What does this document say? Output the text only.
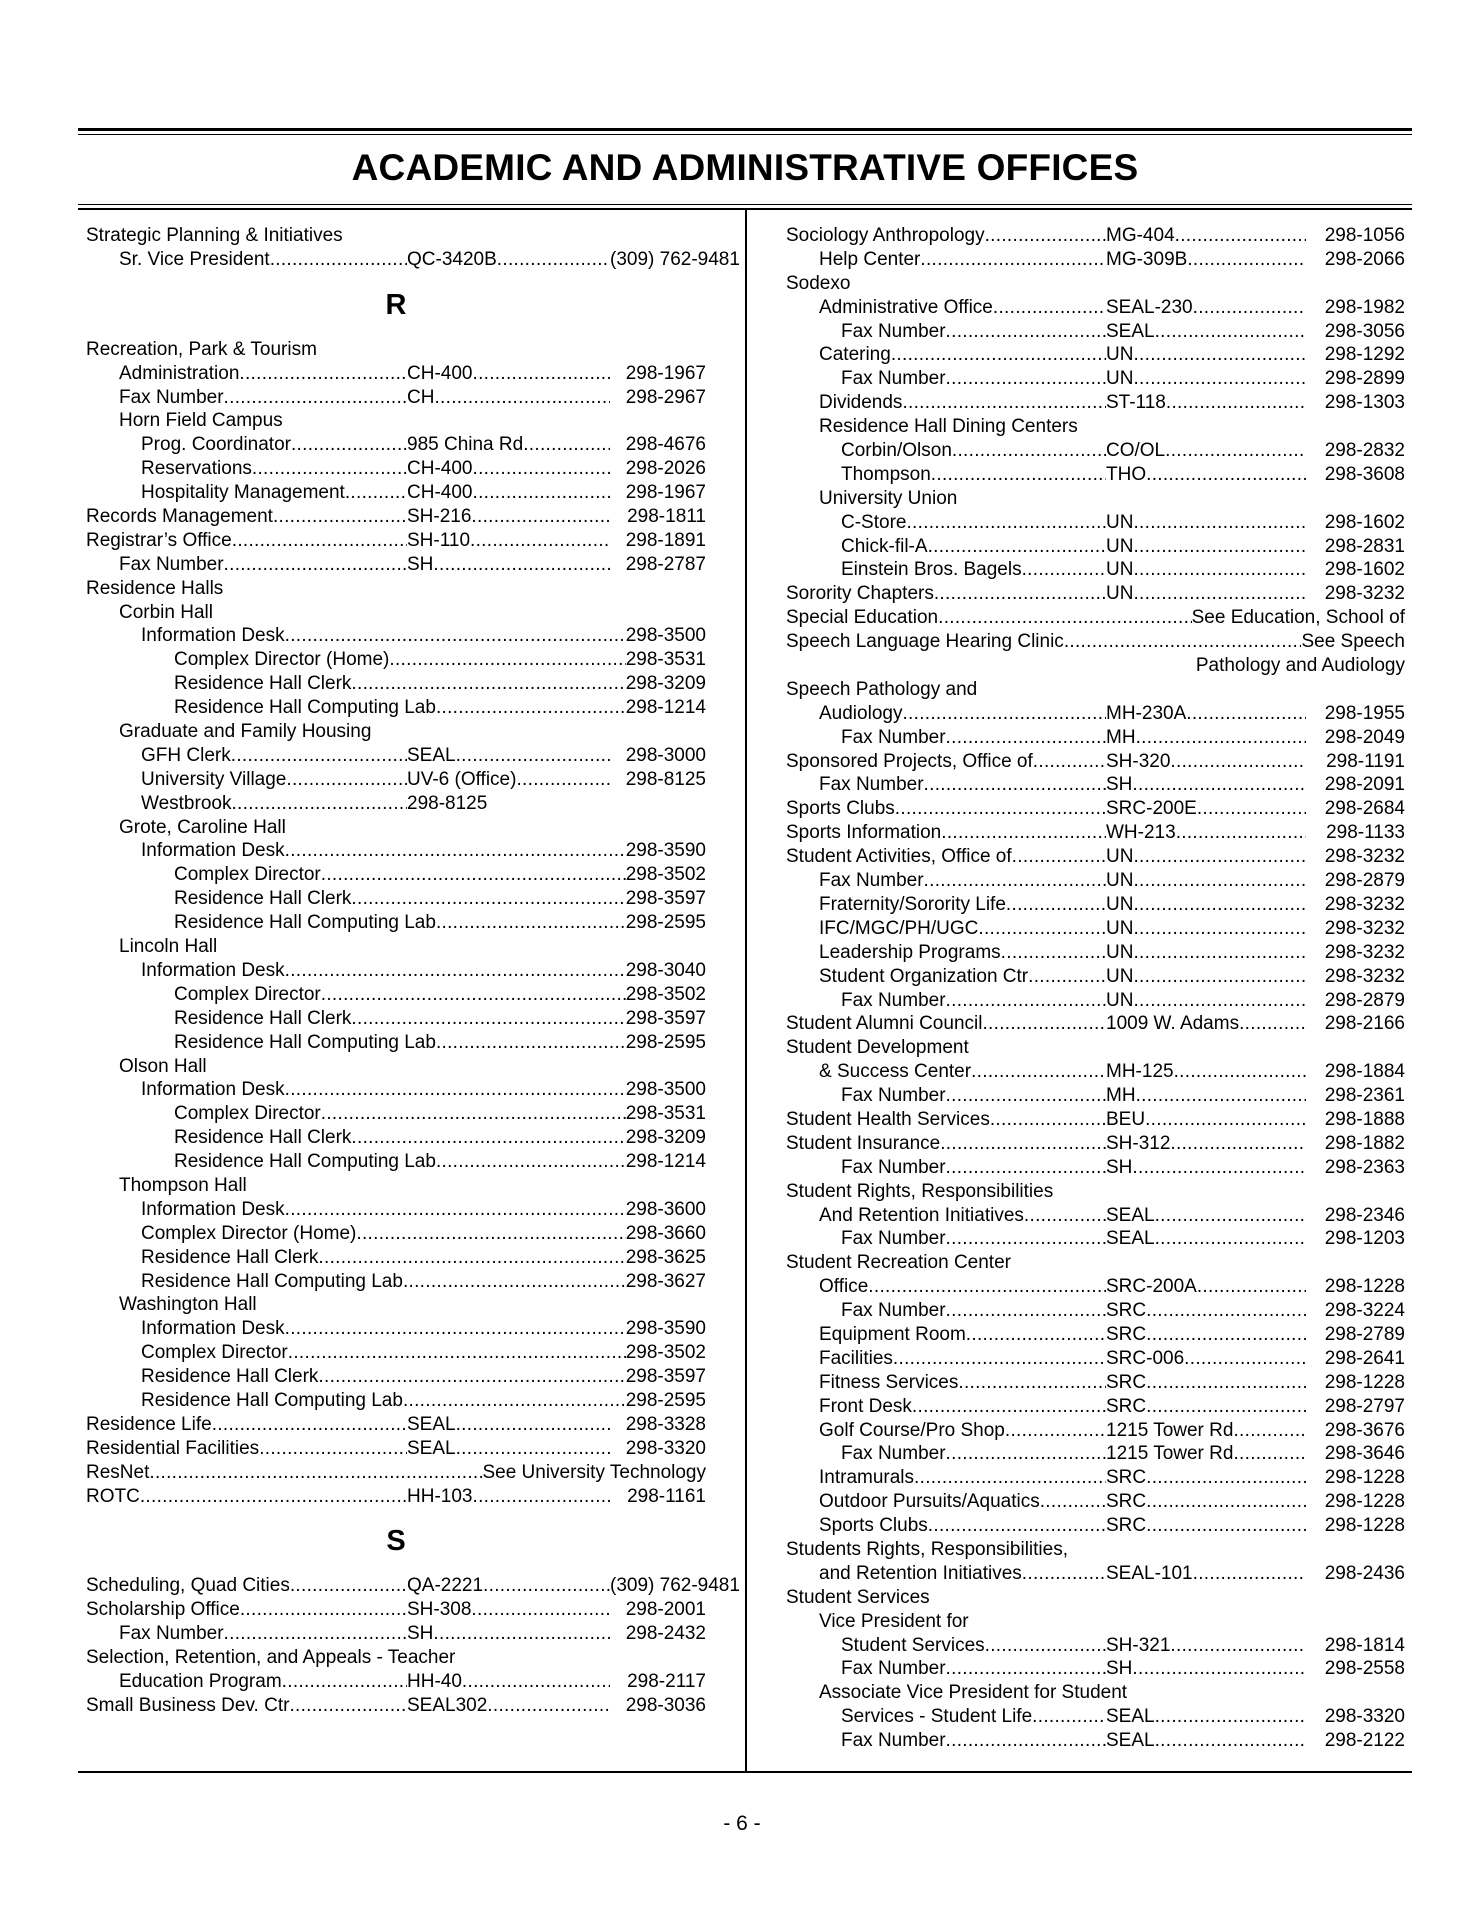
ACADEMIC AND ADMINISTRATIVE OFFICES
Strategic Planning & Initiatives
Sr. Vice President .....	QC-3420B .....	(309) 762-9481
R
Recreation, Park & Tourism
Administration .....	CH-400 .....	298-1967
Fax Number .....	CH .....	298-2967
Horn Field Campus
Prog. Coordinator .....	985 China Rd .....	298-4676
Reservations .....	CH-400 .....	298-2026
Hospitality Management .....	CH-400 .....	298-1967
Records Management .....	SH-216 .....	298-1811
Registrar’s Office .....	SH-110 .....	298-1891
Fax Number .....	SH .....	298-2787
Residence Halls
Corbin Hall
Information Desk .....	298-3500
Complex Director (Home) .....	298-3531
Residence Hall Clerk .....	298-3209
Residence Hall Computing Lab .....	298-1214
Graduate and Family Housing
GFH Clerk .....	SEAL .....	298-3000
University Village .....	UV-6 (Office) .....	298-8125
Westbrook .....	298-8125
Grote, Caroline Hall
Information Desk .....	298-3590
Complex Director .....	298-3502
Residence Hall Clerk .....	298-3597
Residence Hall Computing Lab .....	298-2595
Lincoln Hall
Information Desk .....	298-3040
Complex Director .....	298-3502
Residence Hall Clerk .....	298-3597
Residence Hall Computing Lab .....	298-2595
Olson Hall
Information Desk .....	298-3500
Complex Director .....	298-3531
Residence Hall Clerk .....	298-3209
Residence Hall Computing Lab .....	298-1214
Thompson Hall
Information Desk .....	298-3600
Complex Director (Home) .....	298-3660
Residence Hall Clerk .....	298-3625
Residence Hall Computing Lab .....	298-3627
Washington Hall
Information Desk .....	298-3590
Complex Director .....	298-3502
Residence Hall Clerk .....	298-3597
Residence Hall Computing Lab .....	298-2595
Residence Life .....	SEAL .....	298-3328
Residential Facilities .....	SEAL .....	298-3320
ResNet .....	See University Technology
ROTC .....	HH-103 .....	298-1161
S
Scheduling, Quad Cities .....	QA-2221 .....	(309) 762-9481
Scholarship Office .....	SH-308 .....	298-2001
Fax Number .....	SH .....	298-2432
Selection, Retention, and Appeals - Teacher
Education Program .....	HH-40 .....	298-2117
Small Business Dev. Ctr .....	SEAL302 .....	298-3036
Sociology Anthropology .....	MG-404 .....	298-1056
Help Center .....	MG-309B .....	298-2066
Sodexo
Administrative Office .....	SEAL-230 .....	298-1982
Fax Number .....	SEAL .....	298-3056
Catering .....	UN .....	298-1292
Fax Number .....	UN .....	298-2899
Dividends .....	ST-118 .....	298-1303
Residence Hall Dining Centers
Corbin/Olson .....	CO/OL .....	298-2832
Thompson .....	THO .....	298-3608
University Union
C-Store .....	UN .....	298-1602
Chick-fil-A .....	UN .....	298-2831
Einstein Bros. Bagels .....	UN .....	298-1602
Sorority Chapters .....	UN .....	298-3232
Special Education .....	See Education, School of
Speech Language Hearing Clinic .....	See Speech
Pathology and Audiology
Speech Pathology and
Audiology .....	MH-230A .....	298-1955
Fax Number .....	MH .....	298-2049
Sponsored Projects, Office of .....	SH-320 .....	298-1191
Fax Number .....	SH .....	298-2091
Sports Clubs .....	SRC-200E .....	298-2684
Sports Information .....	WH-213 .....	298-1133
Student Activities, Office of .....	UN .....	298-3232
Fax Number .....	UN .....	298-2879
Fraternity/Sorority Life .....	UN .....	298-3232
IFC/MGC/PH/UGC .....	UN .....	298-3232
Leadership Programs .....	UN .....	298-3232
Student Organization Ctr .....	UN .....	298-3232
Fax Number .....	UN .....	298-2879
Student Alumni Council .....	1009 W. Adams .....	298-2166
Student Development
& Success Center .....	MH-125 .....	298-1884
Fax Number .....	MH .....	298-2361
Student Health Services .....	BEU .....	298-1888
Student Insurance .....	SH-312 .....	298-1882
Fax Number .....	SH .....	298-2363
Student Rights, Responsibilities
And Retention Initiatives .....	SEAL .....	298-2346
Fax Number .....	SEAL .....	298-1203
Student Recreation Center
Office .....	SRC-200A .....	298-1228
Fax Number .....	SRC .....	298-3224
Equipment Room .....	SRC .....	298-2789
Facilities .....	SRC-006 .....	298-2641
Fitness Services .....	SRC .....	298-1228
Front Desk .....	SRC .....	298-2797
Golf Course/Pro Shop .....	1215 Tower Rd .....	298-3676
Fax Number .....	1215 Tower Rd .....	298-3646
Intramurals .....	SRC .....	298-1228
Outdoor Pursuits/Aquatics .....	SRC .....	298-1228
Sports Clubs .....	SRC .....	298-1228
Students Rights, Responsibilities,
and Retention Initiatives .....	SEAL-101 .....	298-2436
Student Services
Vice President for
Student Services .....	SH-321 .....	298-1814
Fax Number .....	SH .....	298-2558
Associate Vice President for Student
Services - Student Life .....	SEAL .....	298-3320
Fax Number .....	SEAL .....	298-2122
- 6 -
